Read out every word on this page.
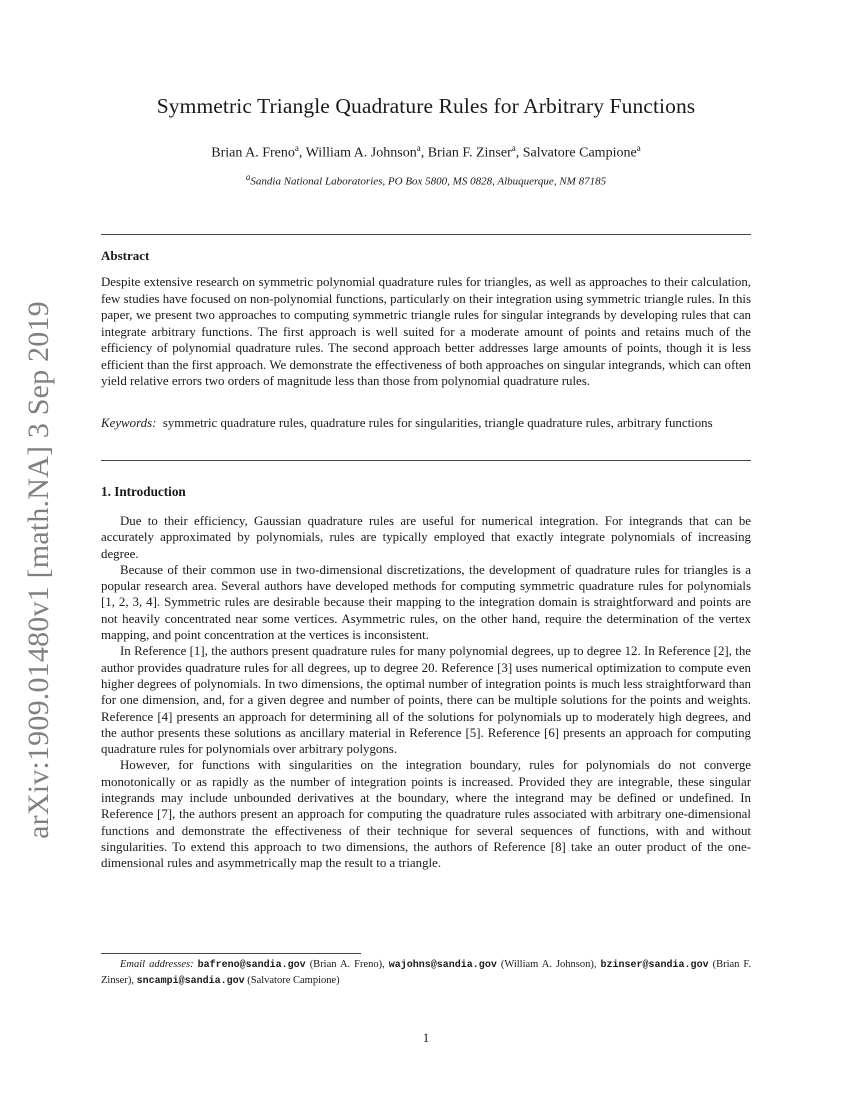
arXiv:1909.01480v1 [math.NA] 3 Sep 2019
Symmetric Triangle Quadrature Rules for Arbitrary Functions
Brian A. Freno$^a$, William A. Johnson$^a$, Brian F. Zinser$^a$, Salvatore Campione$^a$
$^a$Sandia National Laboratories, PO Box 5800, MS 0828, Albuquerque, NM 87185
Abstract
Despite extensive research on symmetric polynomial quadrature rules for triangles, as well as approaches to their calculation, few studies have focused on non-polynomial functions, particularly on their integration using symmetric triangle rules. In this paper, we present two approaches to computing symmetric triangle rules for singular integrands by developing rules that can integrate arbitrary functions. The first approach is well suited for a moderate amount of points and retains much of the efficiency of polynomial quadrature rules. The second approach better addresses large amounts of points, though it is less efficient than the first approach. We demonstrate the effectiveness of both approaches on singular integrands, which can often yield relative errors two orders of magnitude less than those from polynomial quadrature rules.
Keywords: symmetric quadrature rules, quadrature rules for singularities, triangle quadrature rules, arbitrary functions
1. Introduction

Due to their efficiency, Gaussian quadrature rules are useful for numerical integration. For integrands that can be accurately approximated by polynomials, rules are typically employed that exactly integrate polynomials of increasing degree.

Because of their common use in two-dimensional discretizations, the development of quadrature rules for triangles is a popular research area. Several authors have developed methods for computing symmetric quadrature rules for polynomials [1, 2, 3, 4]. Symmetric rules are desirable because their mapping to the integration domain is straightforward and points are not heavily concentrated near some vertices. Asymmetric rules, on the other hand, require the determination of the vertex mapping, and point concentration at the vertices is inconsistent.

In Reference [1], the authors present quadrature rules for many polynomial degrees, up to degree 12. In Reference [2], the author provides quadrature rules for all degrees, up to degree 20. Reference [3] uses numerical optimization to compute even higher degrees of polynomials. In two dimensions, the optimal number of integration points is much less straightforward than for one dimension, and, for a given degree and number of points, there can be multiple solutions for the points and weights. Reference [4] presents an approach for determining all of the solutions for polynomials up to moderately high degrees, and the author presents these solutions as ancillary material in Reference [5]. Reference [6] presents an approach for computing quadrature rules for polynomials over arbitrary polygons.

However, for functions with singularities on the integration boundary, rules for polynomials do not converge monotonically or as rapidly as the number of integration points is increased. Provided they are integrable, these singular integrands may include unbounded derivatives at the boundary, where the integrand may be defined or undefined. In Reference [7], the authors present an approach for computing the quadrature rules associated with arbitrary one-dimensional functions and demonstrate the effectiveness of their technique for several sequences of functions, with and without singularities. To extend this approach to two dimensions, the authors of Reference [8] take an outer product of the one-dimensional rules and asymmetrically map the result to a triangle.

Email addresses: bafreno@sandia.gov (Brian A. Freno), wajohns@sandia.gov (William A. Johnson), bzinser@sandia.gov (Brian F. Zinser), sncampi@sandia.gov (Salvatore Campione)
1
